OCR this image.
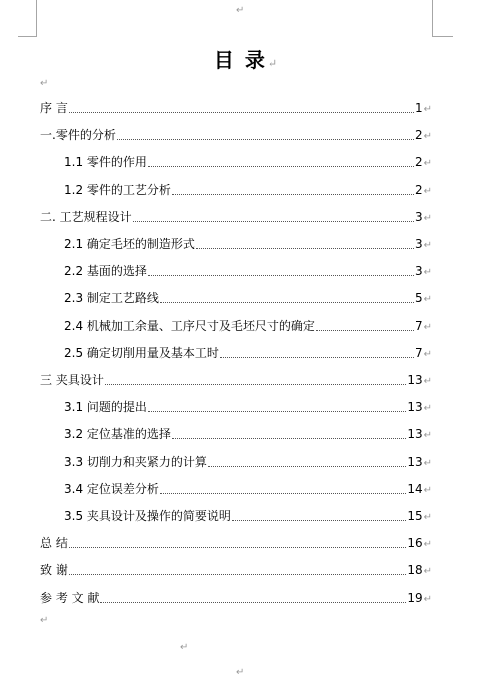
↵
目 录↵
↵
序 言	1 ↵
一.零件的分析	2 ↵
1.1 零件的作用	2 ↵
1.2 零件的工艺分析	2 ↵
二. 工艺规程设计	3 ↵
2.1 确定毛坯的制造形式	3 ↵
2.2 基面的选择	3 ↵
2.3 制定工艺路线	5 ↵
2.4 机械加工余量、工序尺寸及毛坯尺寸的确定	7 ↵
2.5 确定切削用量及基本工时	7 ↵
三 夹具设计	13 ↵
3.1 问题的提出	13 ↵
3.2 定位基准的选择	13 ↵
3.3 切削力和夹紧力的计算	13 ↵
3.4 定位误差分析	14 ↵
3.5 夹具设计及操作的简要说明	15 ↵
总 结	16 ↵
致 谢	18 ↵
参 考 文 献	19 ↵
↵
↵
↵
